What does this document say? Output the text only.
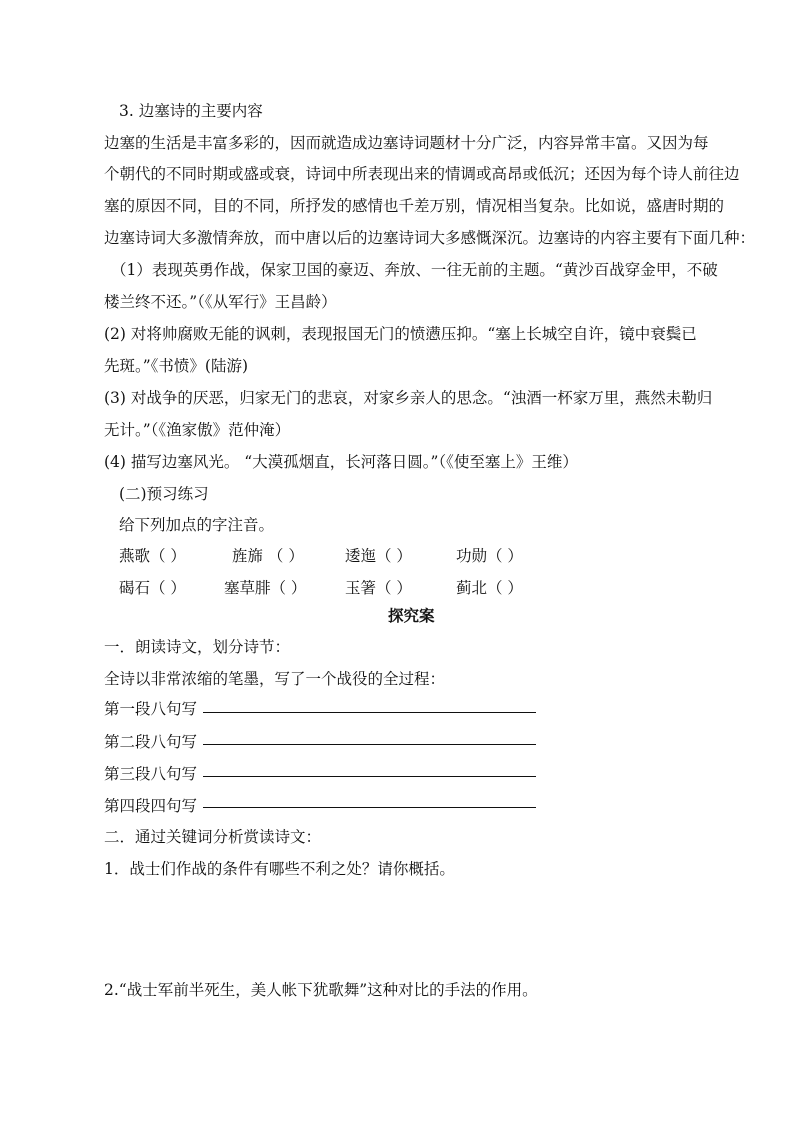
3. 边塞诗的主要内容
边塞的生活是丰富多彩的，因而就造成边塞诗词题材十分广泛，内容异常丰富。又因为每
个朝代的不同时期或盛或衰，诗词中所表现出来的情调或高昂或低沉；还因为每个诗人前往边
塞的原因不同，目的不同，所抒发的感情也千差万别，情况相当复杂。比如说，盛唐时期的
边塞诗词大多激情奔放，而中唐以后的边塞诗词大多感慨深沉。边塞诗的内容主要有下面几种：
（1）表现英勇作战，保家卫国的豪迈、奔放、一往无前的主题。“黄沙百战穿金甲，不破
楼兰终不还。”（《从军行》王昌龄）
(2) 对将帅腐败无能的讽刺，表现报国无门的愤懑压抑。“塞上长城空自许，镜中衰鬓已
先斑。”《书愤》(陆游)
(3) 对战争的厌恶，归家无门的悲哀，对家乡亲人的思念。“浊酒一杯家万里，燕然未勒归
无计。”（《渔家傲》范仲淹）
(4) 描写边塞风光。 “大漠孤烟直，长河落日圆。”（《使至塞上》王维）
(二)预习练习
给下列加点的字注音。
燕歌（ ）	旌旆 （ ）	逶迤（ ）	功勋（ ）
碣石（ ） 塞草腓（ ） 玉箸（ ）	蓟北（ ）
探究案
一．朗读诗文，划分诗节：
全诗以非常浓缩的笔墨，写了一个战役的全过程：
第一段八句写
第二段八句写
第三段八句写
第四段四句写
二．通过关键词分析赏读诗文：
1．战士们作战的条件有哪些不利之处？请你概括。
2.“战士军前半死生，美人帐下犹歌舞”这种对比的手法的作用。
